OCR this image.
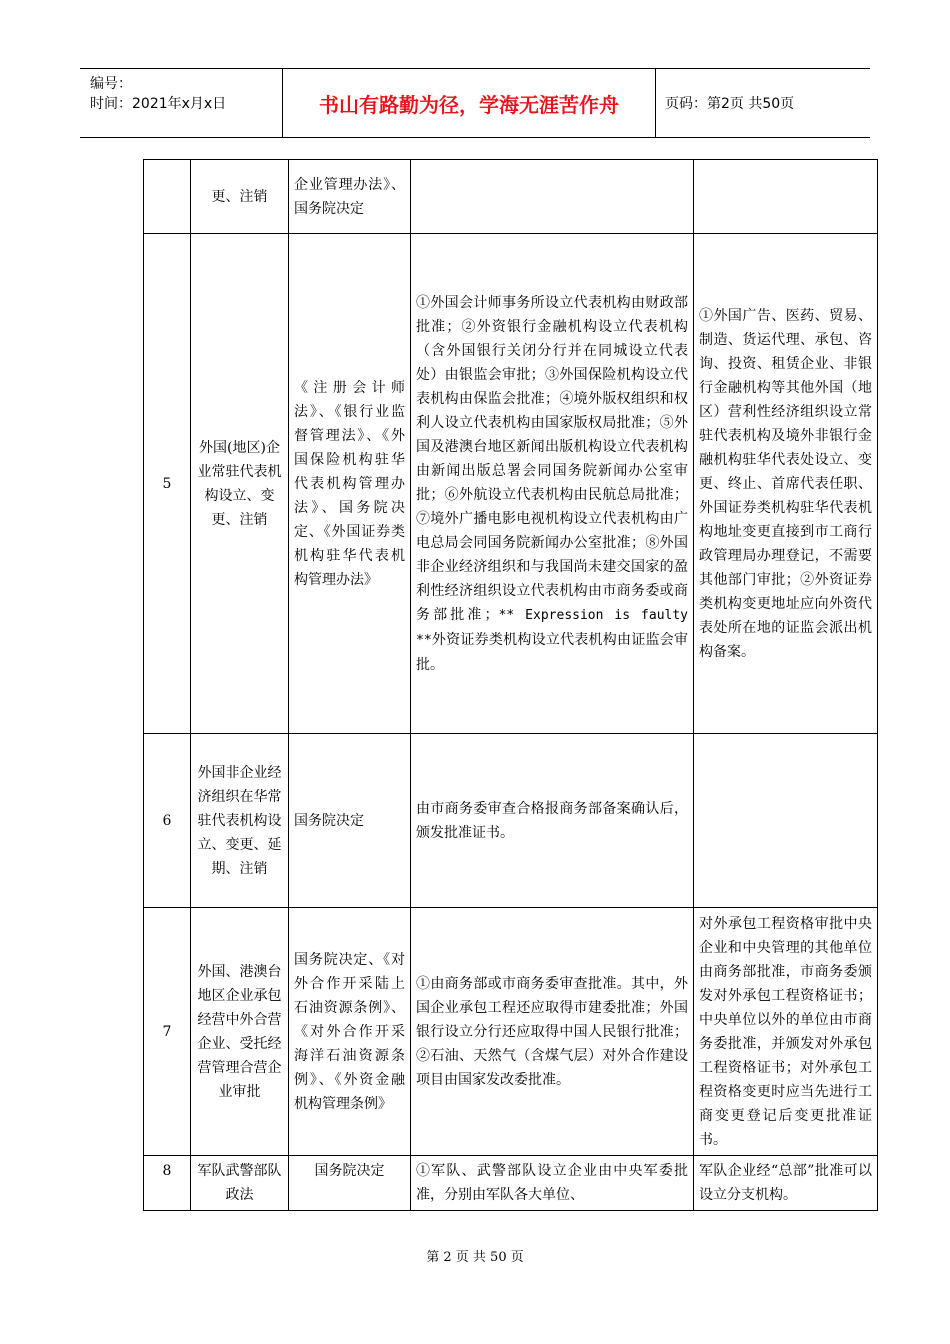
编号：
时间：2021年x月x日	书山有路勤为径，学海无涯苦作舟	页码：第2页 共50页
	更、注销	企业管理办法》、国务院决定		
5	外国(地区)企业常驻代表机构设立、变更、注销	《注册会计师法》、《银行业监督管理法》、《外国保险机构驻华代表机构管理办法》、国务院决定、《外国证券类机构驻华代表机构管理办法》	①外国会计师事务所设立代表机构由财政部批准；②外资银行金融机构设立代表机构（含外国银行关闭分行并在同城设立代表处）由银监会审批；③外国保险机构设立代表机构由保监会批准；④境外版权组织和权利人设立代表机构由国家版权局批准；⑤外国及港澳台地区新闻出版机构设立代表机构由新闻出版总署会同国务院新闻办公室审批；⑥外航设立代表机构由民航总局批准；⑦境外广播电影电视机构设立代表机构由广电总局会同国务院新闻办公室批准；⑧外国非企业经济组织和与我国尚未建交国家的盈利性经济组织设立代表机构由市商务委或商务部批准；** Expression is faulty **外资证券类机构设立代表机构由证监会审批。	①外国广告、医药、贸易、制造、货运代理、承包、咨询、投资、租赁企业、非银行金融机构等其他外国（地区）营利性经济组织设立常驻代表机构及境外非银行金融机构驻华代表处设立、变更、终止、首席代表任职、外国证券类机构驻华代表机构地址变更直接到市工商行政管理局办理登记，不需要其他部门审批；②外资证券类机构变更地址应向外资代表处所在地的证监会派出机构备案。
6	外国非企业经济组织在华常驻代表机构设立、变更、延期、注销	国务院决定	由市商务委审查合格报商务部备案确认后，颁发批准证书。	
7	外国、港澳台地区企业承包经营中外合营企业、受托经营管理合营企业审批	国务院决定、《对外合作开采陆上石油资源条例》、《对外合作开采海洋石油资源条例》、《外资金融机构管理条例》	①由商务部或市商务委审查批准。其中，外国企业承包工程还应取得市建委批准；外国银行设立分行还应取得中国人民银行批准；②石油、天然气（含煤气层）对外合作建设项目由国家发改委批准。	对外承包工程资格审批中央企业和中央管理的其他单位由商务部批准，市商务委颁发对外承包工程资格证书；中央单位以外的单位由市商务委批准，并颁发对外承包工程资格证书；对外承包工程资格变更时应当先进行工商变更登记后变更批准证书。
8	军队武警部队政法	国务院决定	①军队、武警部队设立企业由中央军委批准，分别由军队各大单位、	军队企业经“总部”批准可以设立分支机构。
第 2 页 共 50 页
